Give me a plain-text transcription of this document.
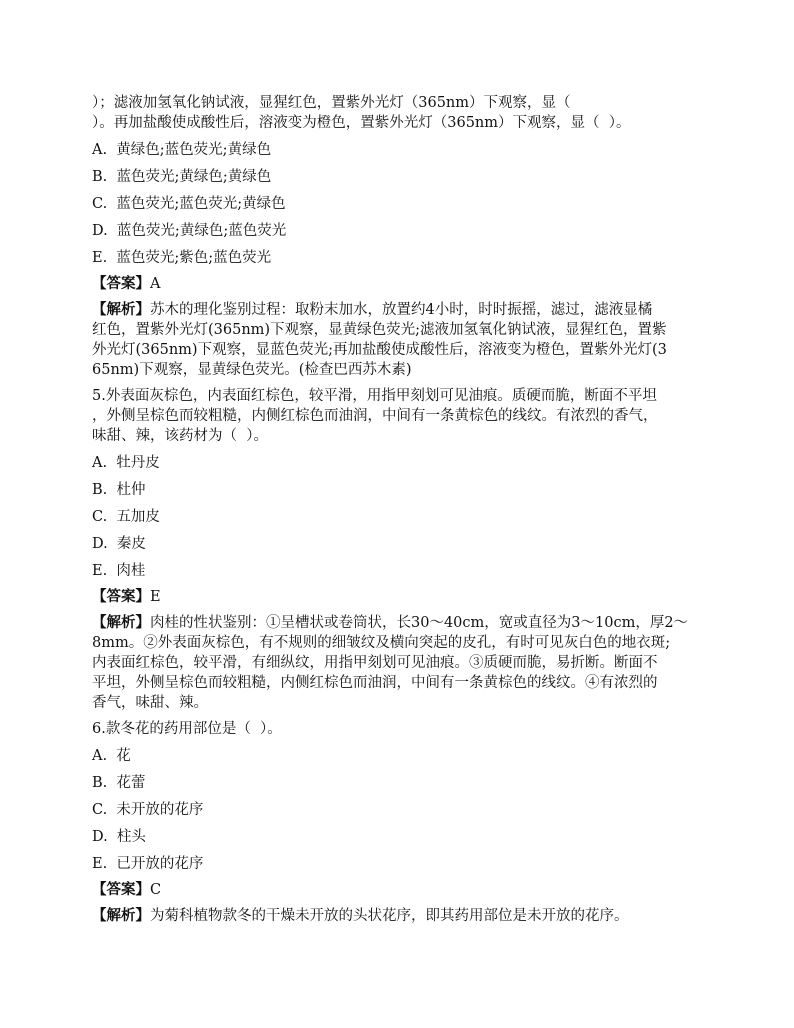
）；滤液加氢氧化钠试液，显猩红色，置紫外光灯（365nm）下观察，显（
）。再加盐酸使成酸性后，溶液变为橙色，置紫外光灯（365nm）下观察，显（  ）。
A.  黄绿色;蓝色荧光;黄绿色
B.  蓝色荧光;黄绿色;黄绿色
C.  蓝色荧光;蓝色荧光;黄绿色
D.  蓝色荧光;黄绿色;蓝色荧光
E.  蓝色荧光;紫色;蓝色荧光
【答案】A
【解析】苏木的理化鉴别过程：取粉末加水，放置约4小时，时时振摇，滤过，滤液显橘
红色，置紫外光灯(365nm)下观察，显黄绿色荧光;滤液加氢氧化钠试液，显猩红色，置紫
外光灯(365nm)下观察，显蓝色荧光;再加盐酸使成酸性后，溶液变为橙色，置紫外光灯(3
65nm)下观察，显黄绿色荧光。(检查巴西苏木素)
5.外表面灰棕色，内表面红棕色，较平滑，用指甲刻划可见油痕。质硬而脆，断面不平坦
，外侧呈棕色而较粗糙，内侧红棕色而油润，中间有一条黄棕色的线纹。有浓烈的香气，
味甜、辣，该药材为（  ）。
A.  牡丹皮
B.  杜仲
C.  五加皮
D.  秦皮
E.  肉桂
【答案】E
【解析】肉桂的性状鉴别：①呈槽状或卷筒状，长30～40cm，宽或直径为3～10cm，厚2～
8mm。②外表面灰棕色，有不规则的细皱纹及横向突起的皮孔，有时可见灰白色的地衣斑;
内表面红棕色，较平滑，有细纵纹，用指甲刻划可见油痕。③质硬而脆，易折断。断面不
平坦，外侧呈棕色而较粗糙，内侧红棕色而油润，中间有一条黄棕色的线纹。④有浓烈的
香气，味甜、辣。
6.款冬花的药用部位是（  ）。
A.  花
B.  花蕾
C.  未开放的花序
D.  柱头
E.  已开放的花序
【答案】C
【解析】为菊科植物款冬的干燥未开放的头状花序，即其药用部位是未开放的花序。
